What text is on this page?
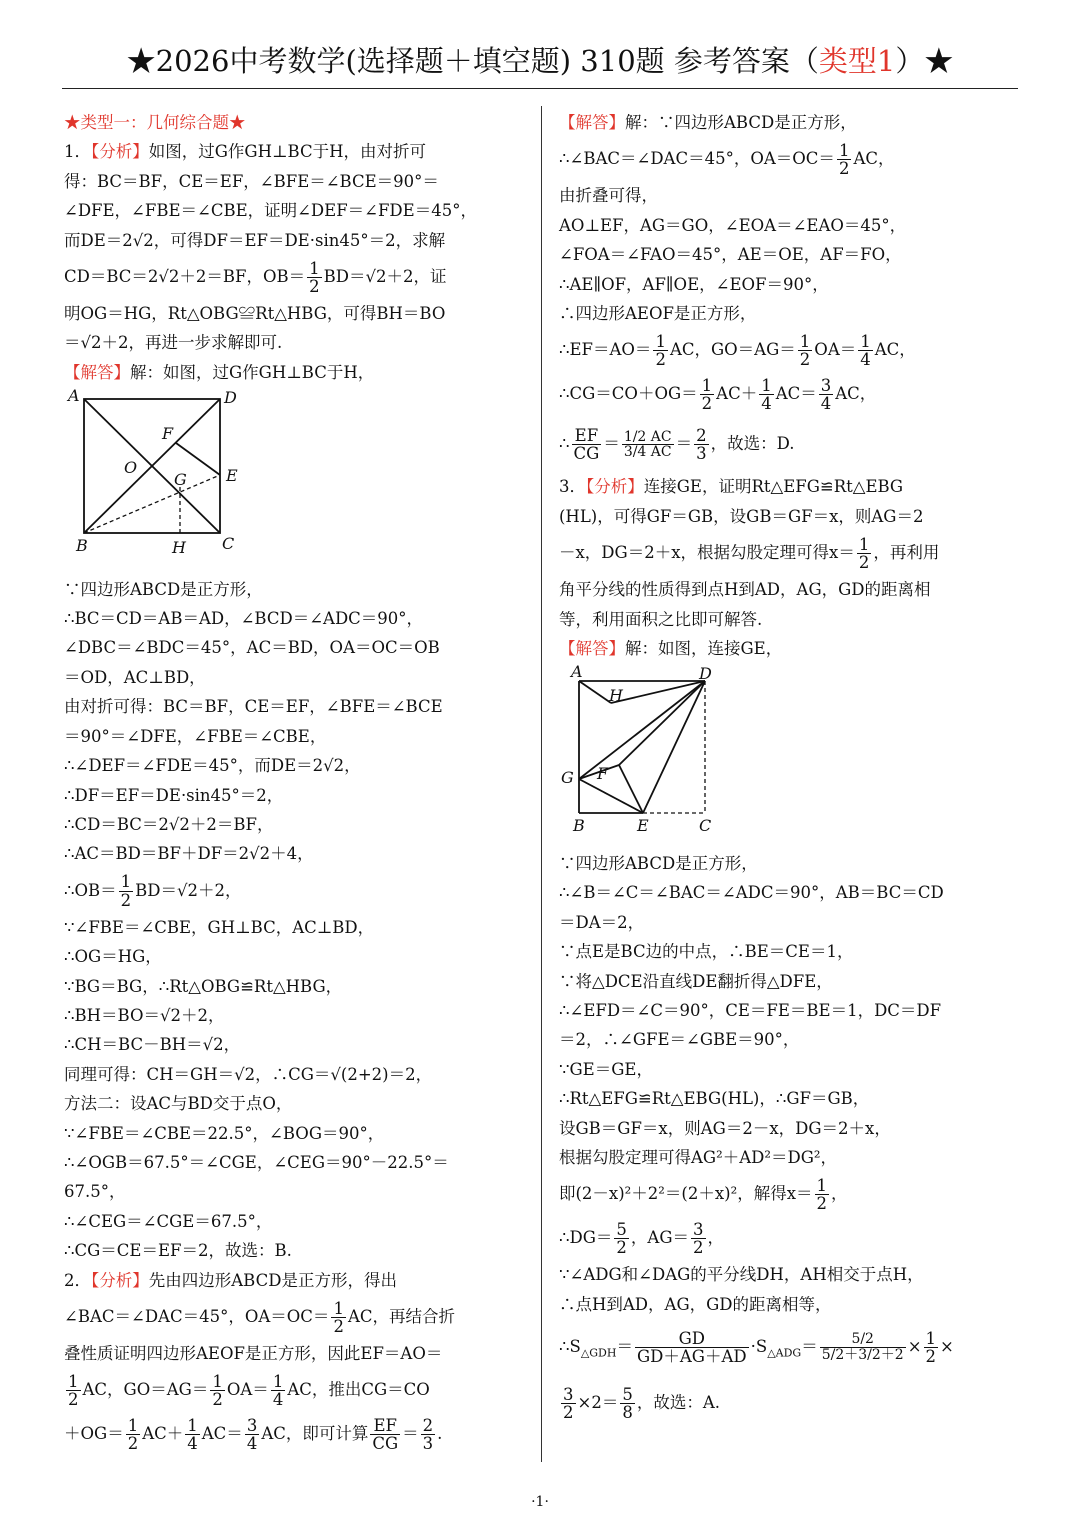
★2026中考数学(选择题＋填空题) 310题 参考答案（类型1）★
★类型一：几何综合题★
1．【分析】如图，过G作GH⊥BC于H，由对折可
得：BC＝BF，CE＝EF，∠BFE＝∠BCE＝90°＝
∠DFE，∠FBE＝∠CBE，证明∠DEF＝∠FDE＝45°，
而DE＝2√2，可得DF＝EF＝DE·sin45°＝2，求解
CD＝BC＝2√2＋2＝BF，$OB= \frac{1}{2} BD=√2+2$，证
明OG＝HG，Rt△OBG≌Rt△HBG，可得BH＝BO
＝√2＋2，再进一步求解即可.
【解答】解：如图，过G作GH⊥BC于H，
A	D
F
O
G E
B	H C
∵四边形ABCD是正方形，
∴BC＝CD＝AB＝AD，∠BCD＝∠ADC＝90°，
∠DBC＝∠BDC＝45°，AC＝BD，OA＝OC＝OB
＝OD，AC⊥BD，
由对折可得：BC＝BF，CE＝EF，∠BFE＝∠BCE
＝90°＝∠DFE，∠FBE＝∠CBE，
∴∠DEF＝∠FDE＝45°，而DE＝2√2，
∴DF＝EF＝DE·sin45°＝2，
∴CD＝BC＝2√2＋2＝BF，
∴AC＝BD＝BF＋DF＝2√2＋4，
∴OB＝ $\frac{1}{2} BD=√2+2$，
∵∠FBE＝∠CBE，GH⊥BC，AC⊥BD，
∴OG＝HG，
∵BG＝BG，∴Rt△OBG≌Rt△HBG，
∴BH＝BO＝√2＋2，
∴CH＝BC－BH＝√2，
同理可得：CH＝GH＝√2，∴CG＝√(2+2)＝2，
方法二：设AC与BD交于点O，
∵∠FBE＝∠CBE＝22.5°，∠BOG＝90°，
∴∠OGB＝67.5°＝∠CGE，∠CEG＝90°－22.5°＝
67.5°，
∴∠CEG＝∠CGE＝67.5°，
∴CG＝CE＝EF＝2，故选：B.
2．【分析】先由四边形ABCD是正方形，得出
∠BAC＝∠DAC＝45°，$OA=OC= \frac{1}{2}$ AC，再结合折
叠性质证明四边形AEOF是正方形，因此EF＝AO＝
$\frac{1}{2}$ AC，$GO=AG= \frac{1}{2} OA= \frac{1}{4}$ AC，推出CG＝CO
$+OG= \frac{1}{2} AC+ \frac{1}{4} AC= \frac{3}{4}$ AC，即可计算 $\frac{EF}{CG} = \frac{2}{3}$ .
【解答】解：∵四边形ABCD是正方形，
∴∠BAC＝∠DAC＝45°，$OA=OC= \frac{1}{2}$ AC，
由折叠可得，
AO⊥EF，AG＝GO，∠EOA＝∠EAO＝45°，
∠FOA＝∠FAO＝45°，AE＝OE，AF＝FO，
∴AE∥OF，AF∥OE，∠EOF＝90°，
∴四边形AEOF是正方形，
∴EF＝AO＝ $\frac{1}{2}$ AC，$GO=AG= \frac{1}{2} OA= \frac{1}{4}$ AC，
∴CG＝CO＋OG＝ $\frac{1}{2} AC+ \frac{1}{4} AC= \frac{3}{4}$ AC，
∴ $\frac{EF}{CG} = \frac{1/2 AC}{3/4 AC} = \frac{2}{3}$ ，故选：D.
3．【分析】连接GE，证明Rt△EFG≌Rt△EBG
(HL)，可得GF＝GB，设GB＝GF＝x，则AG＝2
－x，DG＝2＋x，根据勾股定理可得$x= \frac{1}{2}$ ，再利用
角平分线的性质得到点H到AD，AG，GD的距离相
等，利用面积之比即可解答.
【解答】解：如图，连接GE，
A	D
H
G F
B	E	C
∵四边形ABCD是正方形，
∴∠B＝∠C＝∠BAC＝∠ADC＝90°，AB＝BC＝CD
＝DA＝2，
∵点E是BC边的中点，∴BE＝CE＝1，
∵将△DCE沿直线DE翻折得△DFE，
∴∠EFD＝∠C＝90°，CE＝FE＝BE＝1，DC＝DF
＝2，∴∠GFE＝∠GBE＝90°，
∵GE＝GE，
∴Rt△EFG≌Rt△EBG(HL)，∴GF＝GB，
设GB＝GF＝x，则AG＝2－x，DG＝2＋x，
根据勾股定理可得AG²＋AD²＝DG²，
即(2－x)²＋2²＝(2＋x)²，解得$x= \frac{1}{2}$ ，
∴DG＝ $\frac{5}{2}$ ，$AG= \frac{3}{2}$ ，
∵∠ADG和∠DAG的平分线DH，AH相交于点H，
∴点H到AD，AG，GD的距离相等，
$\therefore S_{\triangle GDH}= \frac{GD}{GD+AG+AD} \cdot S_{\triangle ADG}= \frac{5/2}{5/2+3/2+2} \times \frac{1}{2}$ ×
$\frac{3}{2} \times 2= \frac{5}{8}$ ，故选：A.
·1·
